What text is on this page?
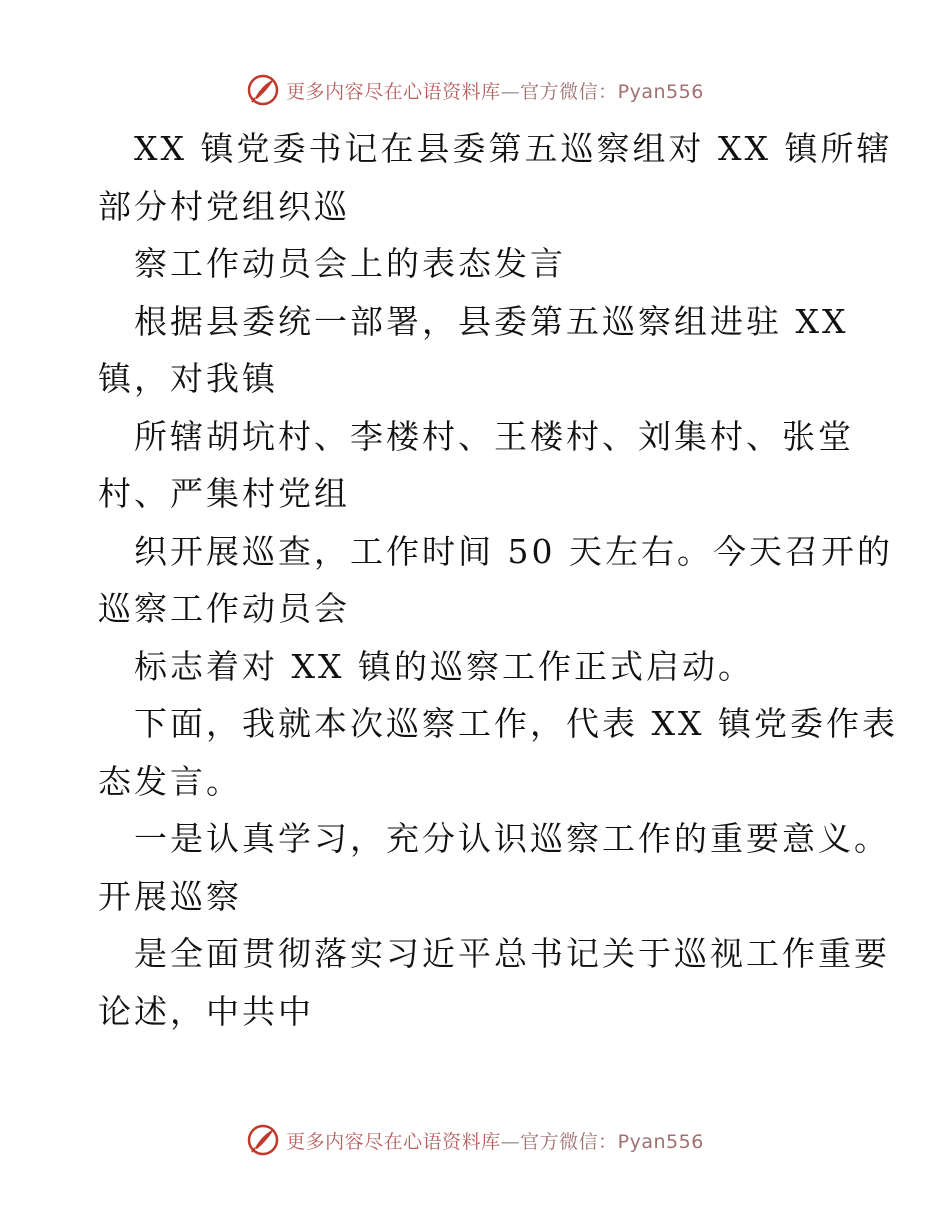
更多内容尽在心语资料库—官方微信：Pyan556
XX 镇党委书记在县委第五巡察组对 XX 镇所辖
部分村党组织巡
察工作动员会上的表态发言
根据县委统一部署，县委第五巡察组进驻 XX
镇，对我镇
所辖胡坑村、李楼村、王楼村、刘集村、张堂
村、严集村党组
织开展巡查，工作时间 50 天左右。今天召开的
巡察工作动员会
标志着对 XX 镇的巡察工作正式启动。
下面，我就本次巡察工作，代表 XX 镇党委作表
态发言。
一是认真学习，充分认识巡察工作的重要意义。
开展巡察
是全面贯彻落实习近平总书记关于巡视工作重要
论述，中共中
更多内容尽在心语资料库—官方微信：Pyan556
